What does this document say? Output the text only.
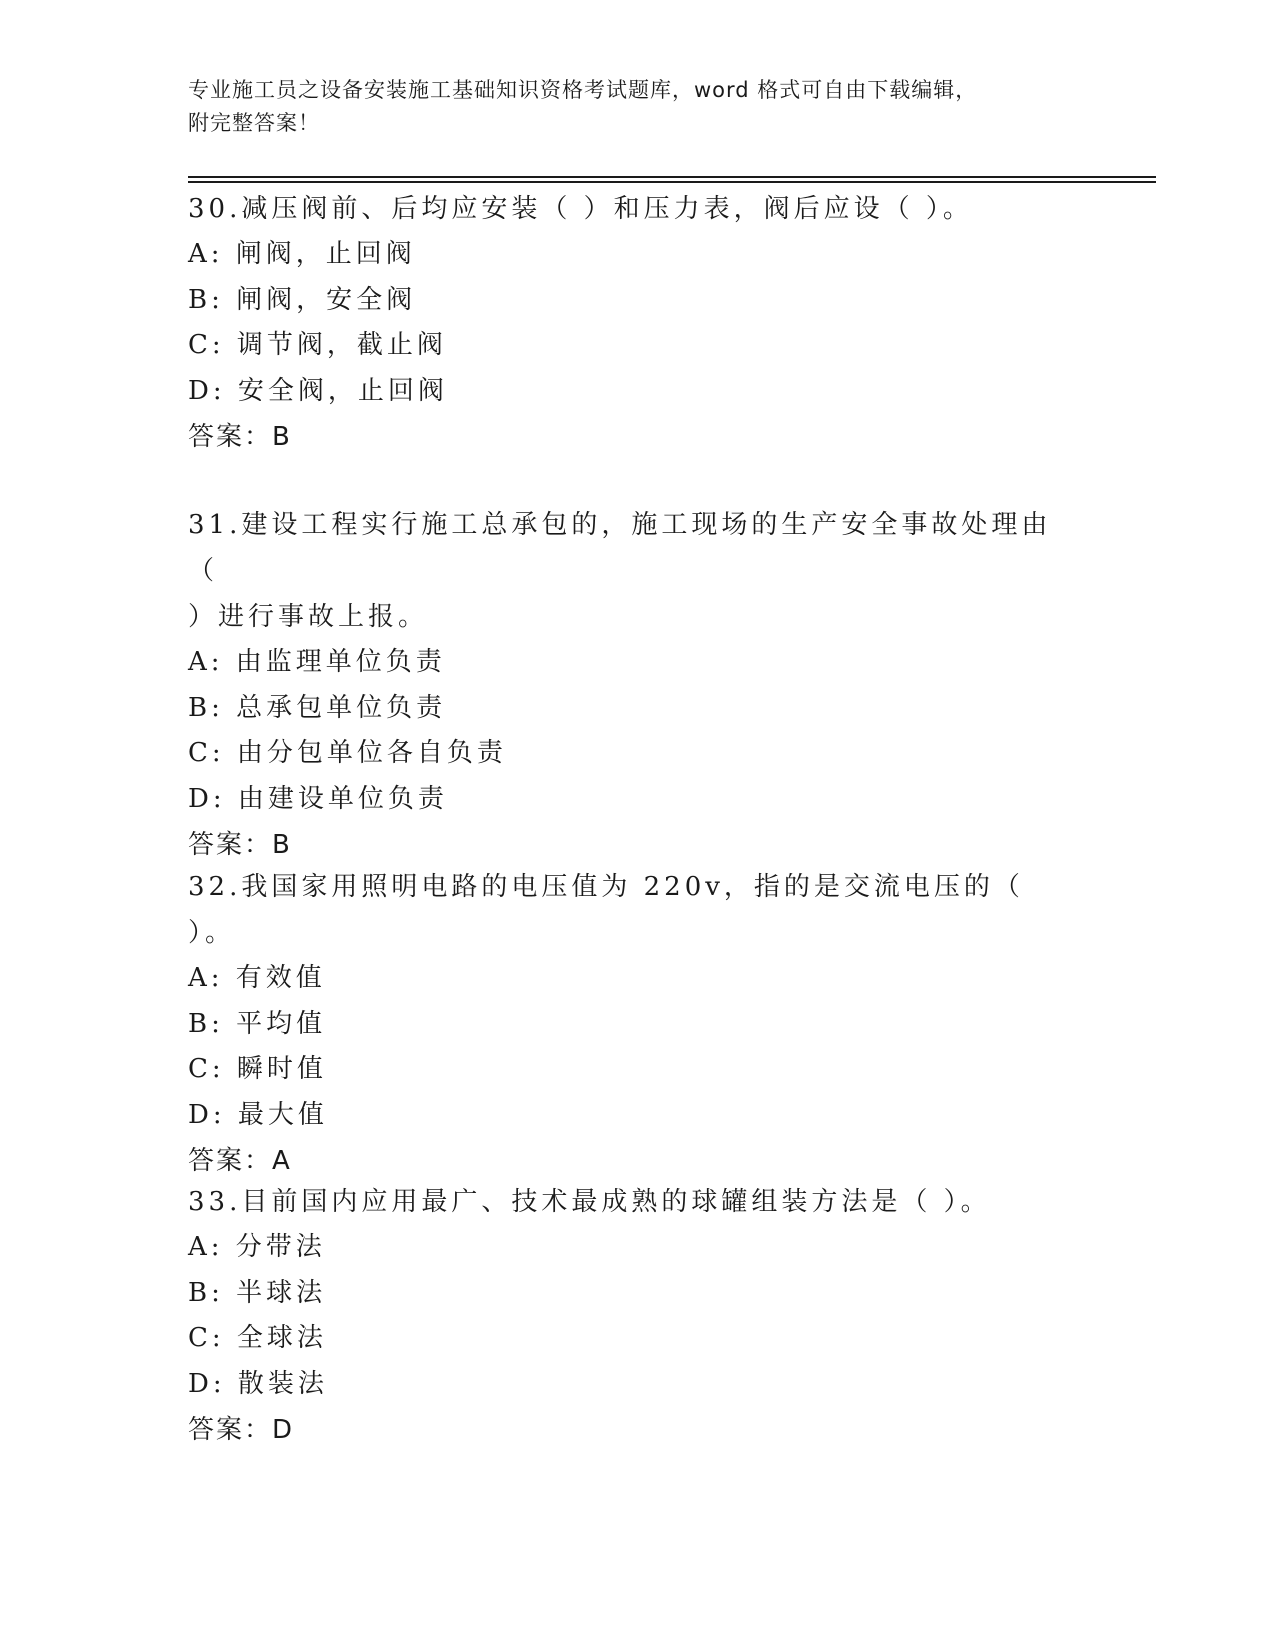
专业施工员之设备安装施工基础知识资格考试题库，word 格式可自由下载编辑，
附完整答案！
30.减压阀前、后均应安装（ ）和压力表，阀后应设（ ）。
A: 闸阀，止回阀
B: 闸阀，安全阀
C: 调节阀，截止阀
D: 安全阀，止回阀
答案：B
31.建设工程实行施工总承包的，施工现场的生产安全事故处理由（
）进行事故上报。
A: 由监理单位负责
B: 总承包单位负责
C: 由分包单位各自负责
D: 由建设单位负责
答案：B
32.我国家用照明电路的电压值为 220v，指的是交流电压的（ ）。
A: 有效值
B: 平均值
C: 瞬时值
D: 最大值
答案：A
33.目前国内应用最广、技术最成熟的球罐组装方法是（ ）。
A: 分带法
B: 半球法
C: 全球法
D: 散装法
答案：D
